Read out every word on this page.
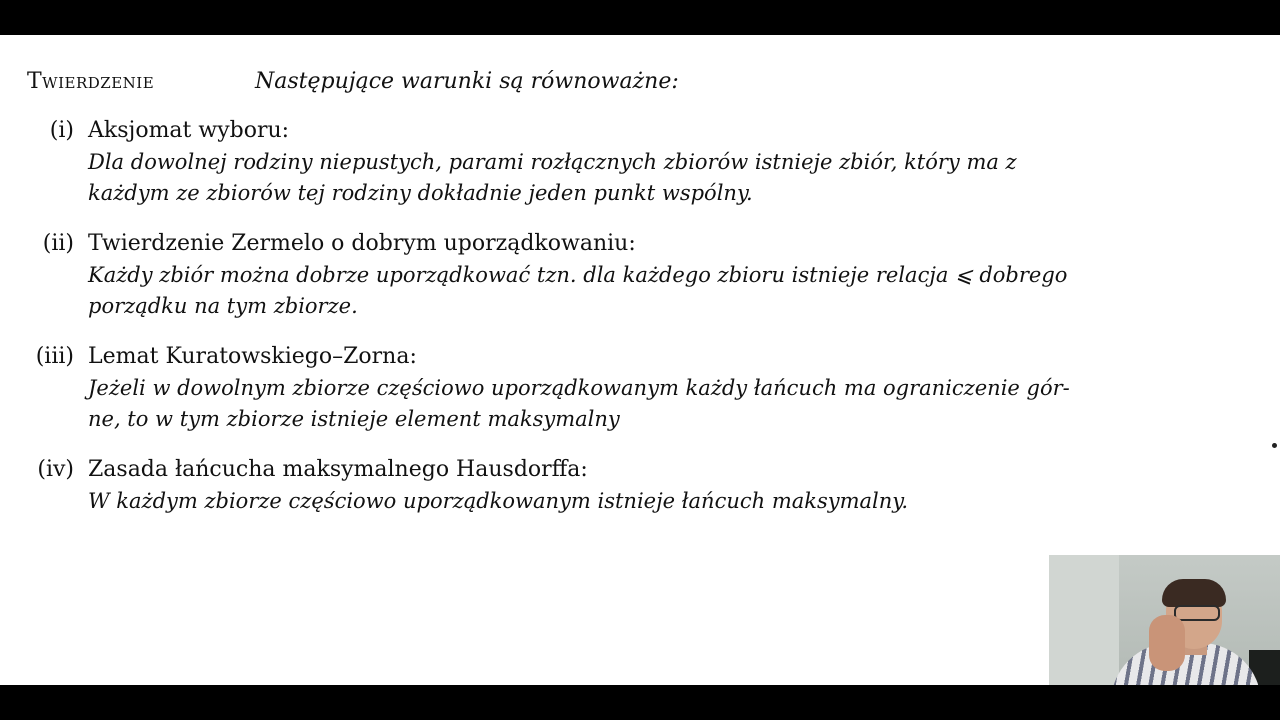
Twierdzenie	Następujące warunki są równoważne:
(i) Aksjomat wyboru:
Dla dowolnej rodziny niepustych, parami rozłącznych zbiorów istnieje zbiór, który ma z
każdym ze zbiorów tej rodziny dokładnie jeden punkt wspólny.
(ii) Twierdzenie Zermelo o dobrym uporządkowaniu:
Każdy zbiór można dobrze uporządkować tzn. dla każdego zbioru istnieje relacja ⩽ dobrego
porządku na tym zbiorze.
(iii) Lemat Kuratowskiego–Zorna:
Jeżeli w dowolnym zbiorze częściowo uporządkowanym każdy łańcuch ma ograniczenie gór-
ne, to w tym zbiorze istnieje element maksymalny
(iv) Zasada łańcucha maksymalnego Hausdorffa:
W każdym zbiorze częściowo uporządkowanym istnieje łańcuch maksymalny.
